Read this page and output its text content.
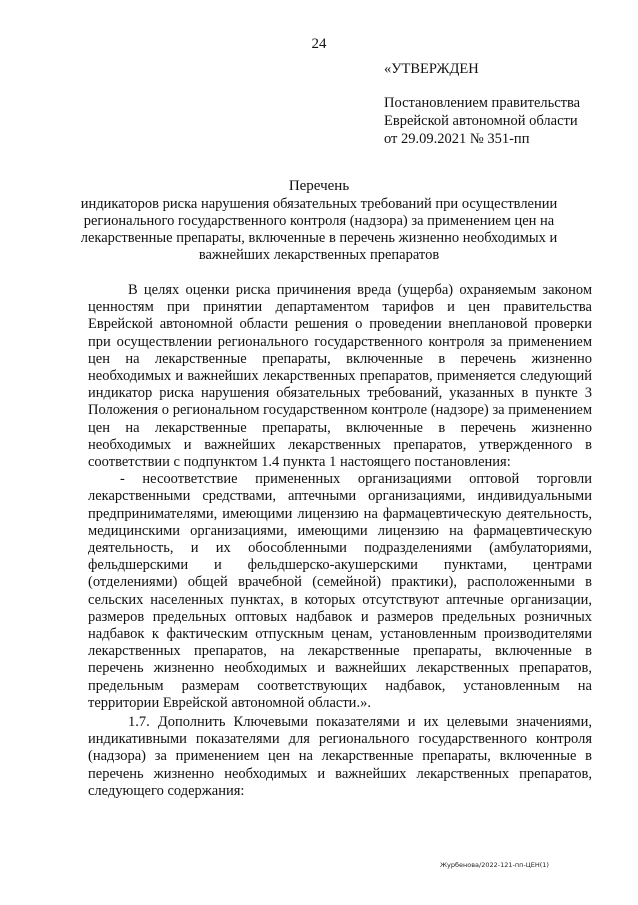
24
«УТВЕРЖДЕН
Постановлением правительства
Еврейской автономной области
от 29.09.2021 № 351-пп
Перечень
индикаторов риска нарушения обязательных требований при осуществлении регионального государственного контроля (надзора) за применением цен на лекарственные препараты, включенные в перечень жизненно необходимых и важнейших лекарственных препаратов

В целях оценки риска причинения вреда (ущерба) охраняемым законом ценностям при принятии департаментом тарифов и цен правительства Еврейской автономной области решения о проведении внеплановой проверки при осуществлении регионального государственного контроля за применением цен на лекарственные препараты, включенные в перечень жизненно необходимых и важнейших лекарственных препаратов, применяется следующий индикатор риска нарушения обязательных требований, указанных в пункте 3 Положения о региональном государственном контроле (надзоре) за применением цен на лекарственные препараты, включенные в перечень жизненно необходимых и важнейших лекарственных препаратов, утвержденного в соответствии с подпунктом 1.4 пункта 1 настоящего постановления:

- несоответствие примененных организациями оптовой торговли лекарственными средствами, аптечными организациями, индивидуальными предпринимателями, имеющими лицензию на фармацевтическую деятельность, медицинскими организациями, имеющими лицензию на фармацевтическую деятельность, и их обособленными подразделениями (амбулаториями, фельдшерскими и фельдшерско-акушерскими пунктами, центрами (отделениями) общей врачебной (семейной) практики), расположенными в сельских населенных пунктах, в которых отсутствуют аптечные организации, размеров предельных оптовых надбавок и размеров предельных розничных надбавок к фактическим отпускным ценам, установленным производителями лекарственных препаратов, на лекарственные препараты, включенные в перечень жизненно необходимых и важнейших лекарственных препаратов, предельным размерам соответствующих надбавок, установленным на территории Еврейской автономной области.».

1.7. Дополнить Ключевыми показателями и их целевыми значениями, индикативными показателями для регионального государственного контроля (надзора) за применением цен на лекарственные препараты, включенные в перечень жизненно необходимых и важнейших лекарственных препаратов, следующего содержания:

Журбенова/2022-121-пп-ЦЕН(1)
